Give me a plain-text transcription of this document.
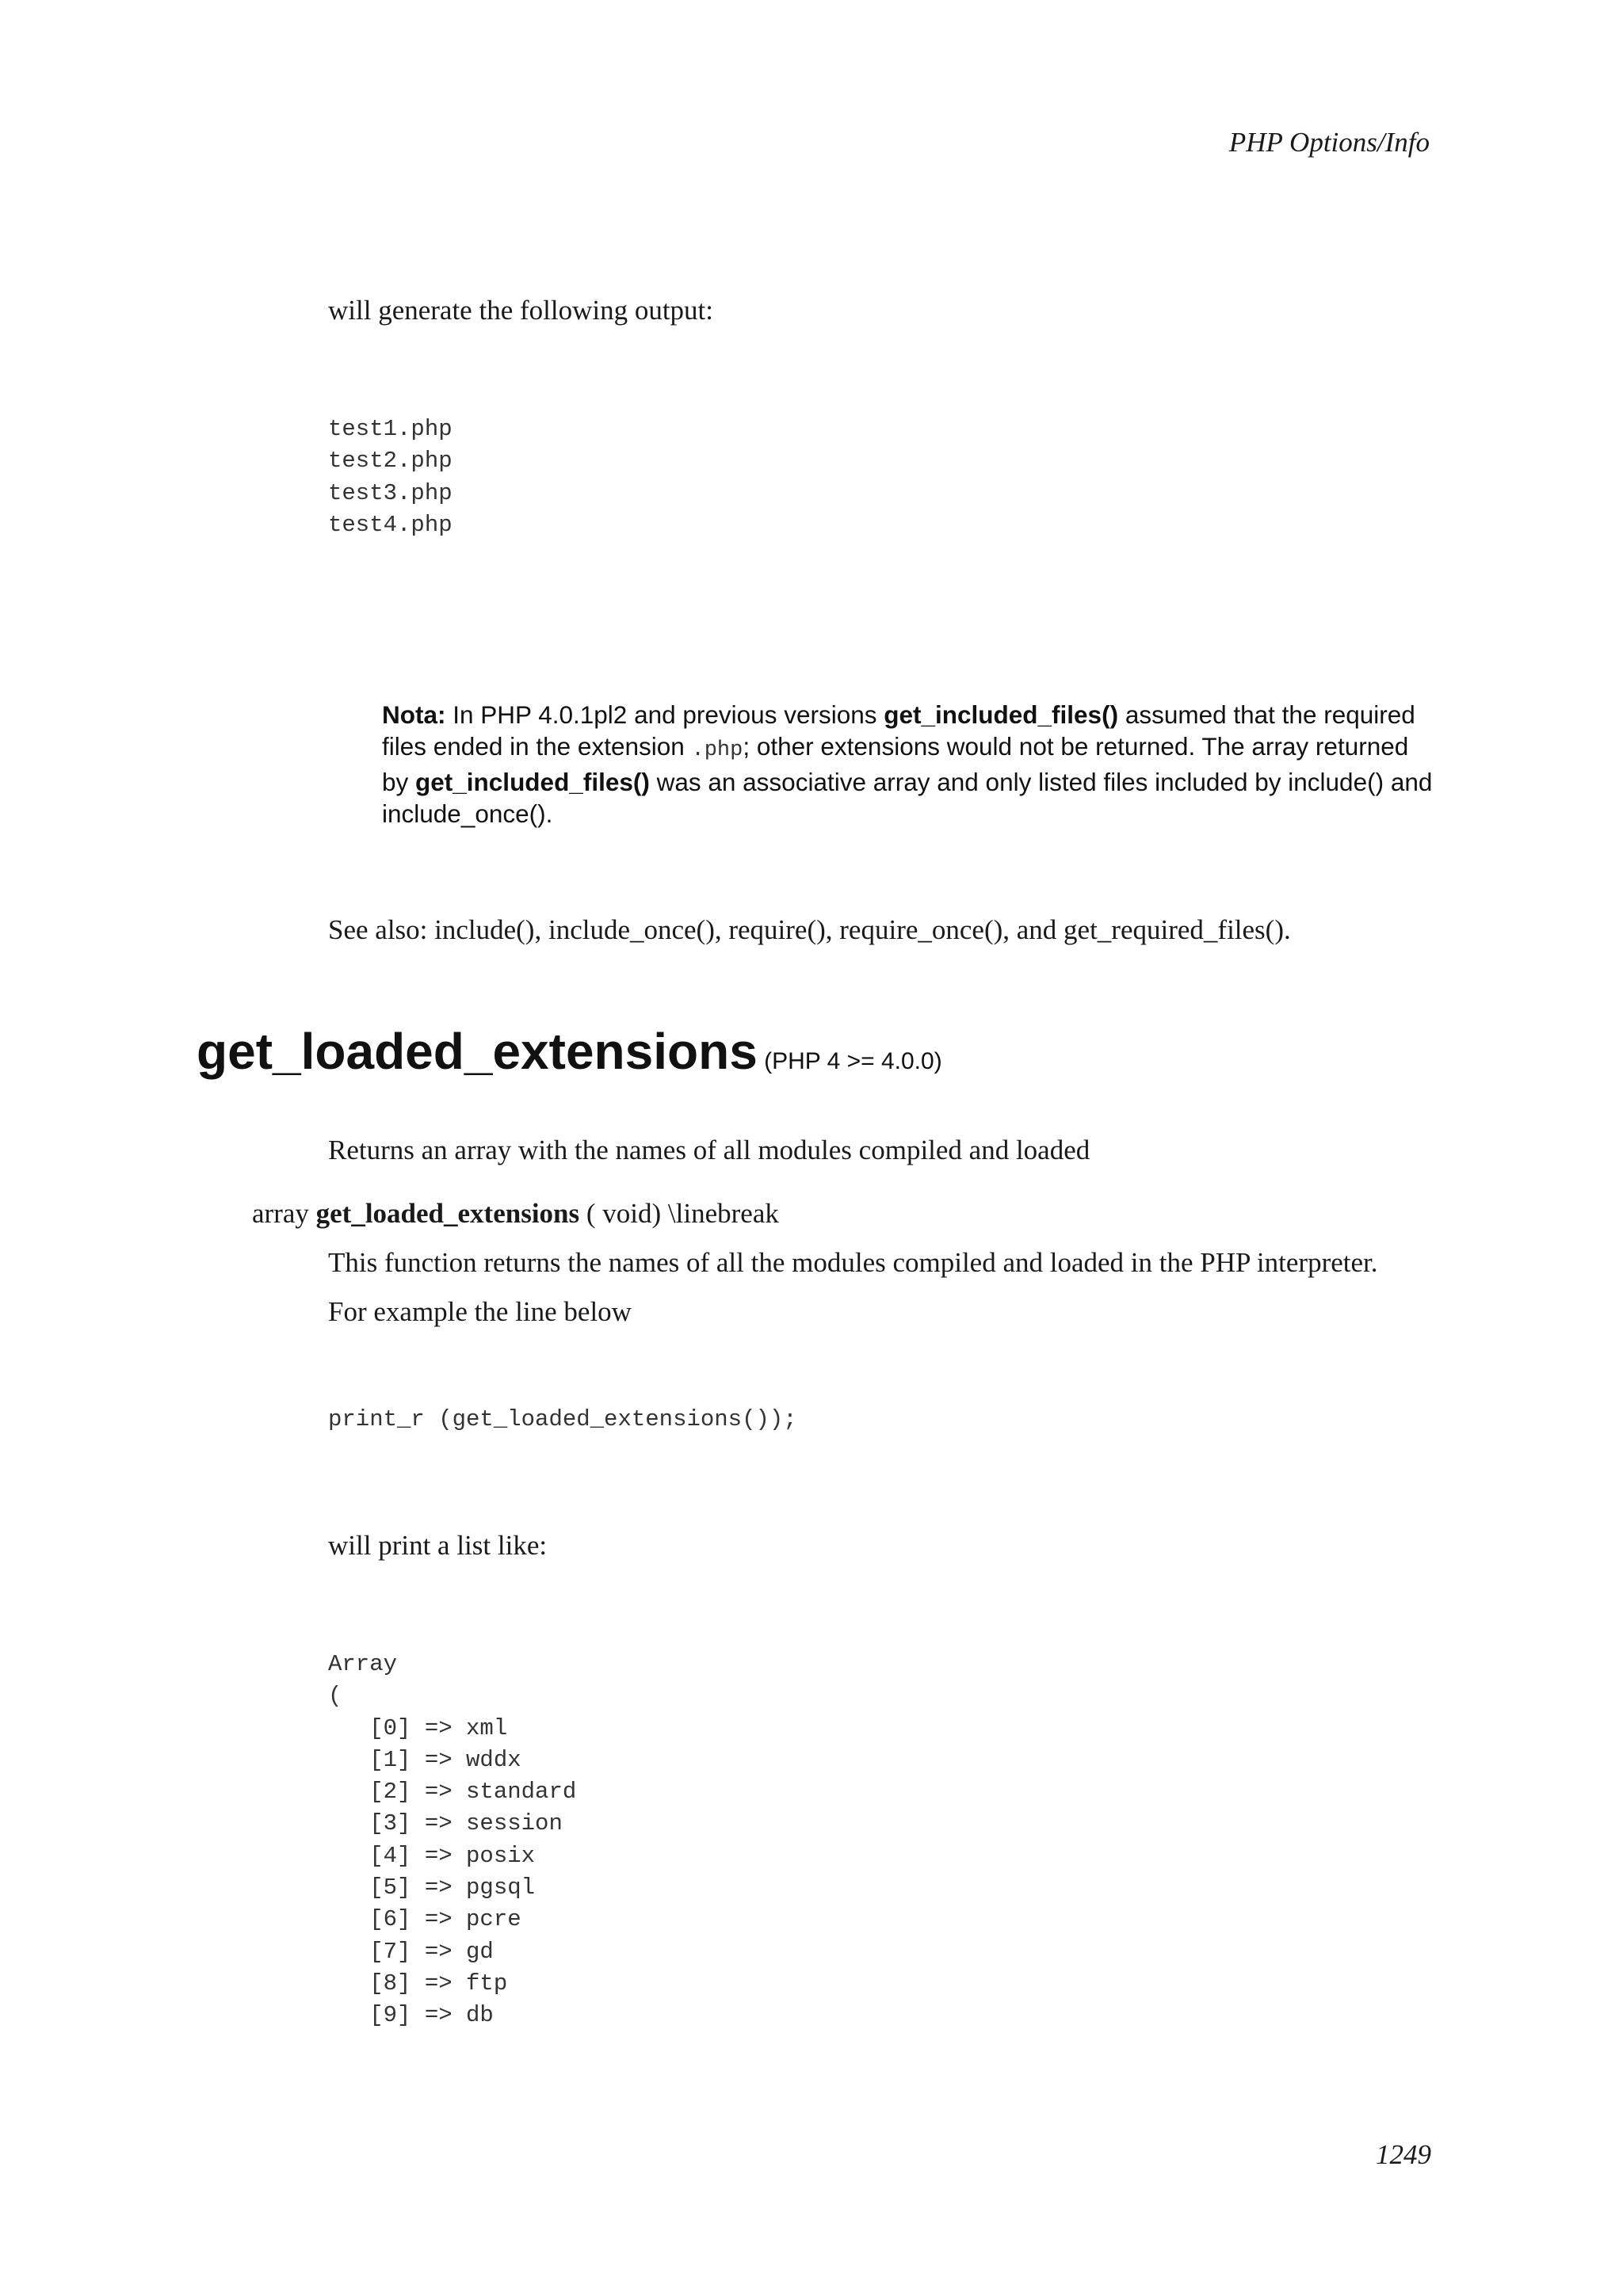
PHP Options/Info
will generate the following output:
test1.php
test2.php
test3.php
test4.php
Nota: In PHP 4.0.1pl2 and previous versions get_included_files() assumed that the required files ended in the extension .php; other extensions would not be returned. The array returned by get_included_files() was an associative array and only listed files included by include() and include_once().
See also: include(), include_once(), require(), require_once(), and get_required_files().
get_loaded_extensions (PHP 4 >= 4.0.0)
Returns an array with the names of all modules compiled and loaded
array get_loaded_extensions ( void) \linebreak
This function returns the names of all the modules compiled and loaded in the PHP interpreter.
For example the line below
print_r (get_loaded_extensions());
will print a list like:
Array
(
[0] => xml
[1] => wddx
[2] => standard
[3] => session
[4] => posix
[5] => pgsql
[6] => pcre
[7] => gd
[8] => ftp
[9] => db
1249
